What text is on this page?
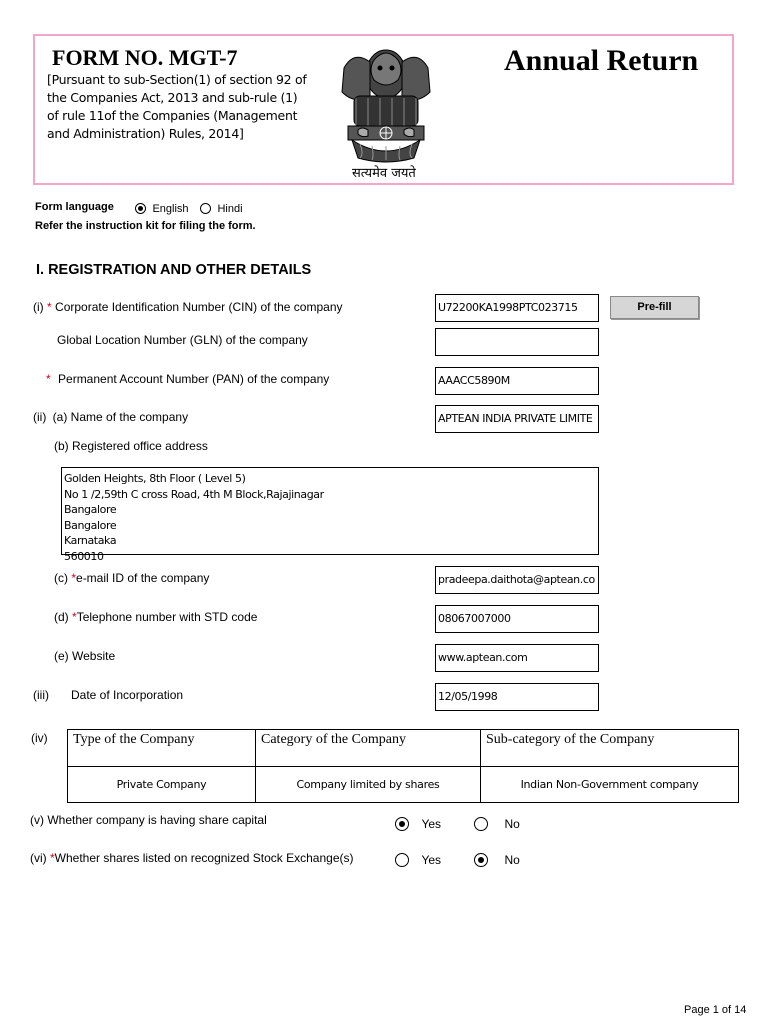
FORM NO. MGT-7
[Pursuant to sub-Section(1) of section 92 of the Companies Act, 2013 and sub-rule (1) of rule 11of the Companies (Management and Administration) Rules, 2014]
Annual Return
सत्यमेव जयते
Form language	English	Hindi
Refer the instruction kit for filing the form.
I. REGISTRATION AND OTHER DETAILS
(i) * Corporate Identification Number (CIN) of the company	U72200KA1998PTC023715	Pre-fill
Global Location Number (GLN) of the company
* Permanent Account Number (PAN) of the company	AAACC5890M
(ii) (a) Name of the company	APTEAN INDIA PRIVATE LIMITE
(b) Registered office address
Golden Heights, 8th Floor ( Level 5)
No 1 /2,59th C cross Road, 4th M Block,Rajajinagar
Bangalore
Bangalore
Karnataka
560010
(c) *e-mail ID of the company	pradeepa.daithota@aptean.co
(d) *Telephone number with STD code	08067007000
(e) Website	www.aptean.com
(iii) Date of Incorporation	12/05/1998
(iv) Type of the Company	Category of the Company	Sub-category of the Company
Private Company	Company limited by shares	Indian Non-Government company
(v) Whether company is having share capital	Yes	No
(vi) *Whether shares listed on recognized Stock Exchange(s)	Yes	No
Page 1 of 14
